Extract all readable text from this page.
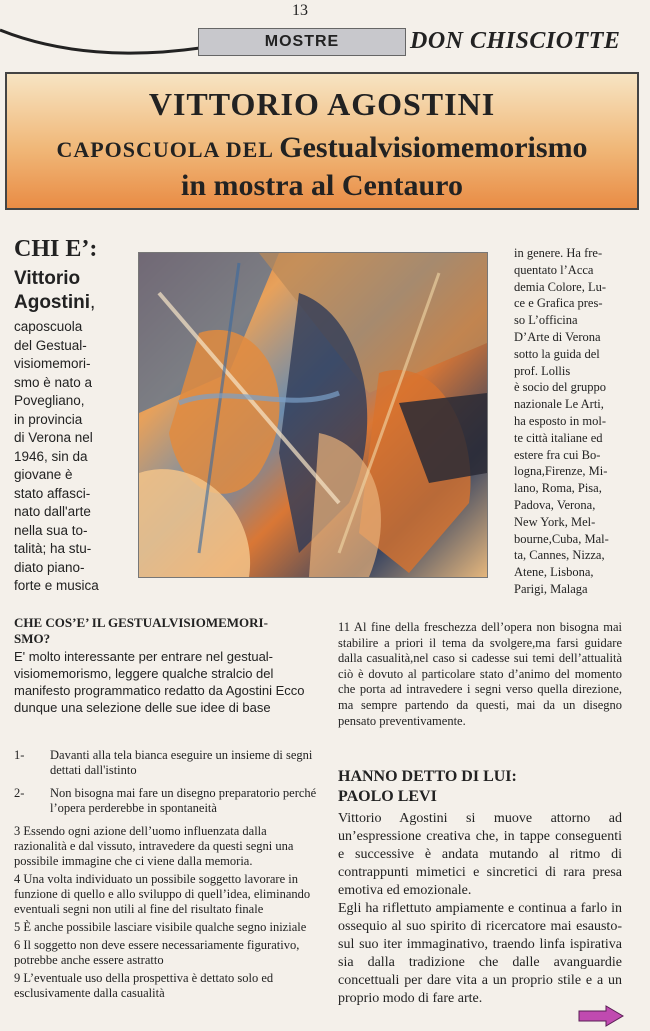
13
MOSTRE	DON CHISCIOTTE
VITTORIO AGOSTINI
CAPOSCUOLA DEL Gestualvisiomemorismo
in mostra al Centauro
CHI E’:
Vittorio
Agostini,
caposcuola
del Gestual-
visiomemori-
smo è nato a
Povegliano,
in provincia
di Verona nel
1946, sin da
giovane è
stato affasci-
nato dall'arte
nella sua to-
talità; ha stu-
diato piano-
forte e musica
in genere. Ha fre-
quentato l’Acca
demia Colore, Lu-
ce e Grafica pres-
so L’officina
D’Arte di Verona
sotto la guida del
prof. Lollis
è socio del gruppo
nazionale Le Arti,
ha esposto in mol-
te città italiane ed
estere fra cui Bo-
logna,Firenze, Mi-
lano, Roma, Pisa,
Padova, Verona,
New York, Mel-
bourne,Cuba, Mal-
ta, Cannes, Nizza,
Atene, Lisbona,
Parigi, Malaga
CHE COS’E’ IL GESTUALVISIOMEMORI-
SMO?
E' molto interessante per entrare nel gestual-visiomemorismo, leggere qualche stralcio del manifesto programmatico redatto da Agostini Ecco dunque una selezione delle sue idee di base
1- Davanti alla tela bianca eseguire un insieme di segni dettati dall'istinto
2- Non bisogna mai fare un disegno preparatorio perché l’opera perderebbe in spontaneità
3 Essendo ogni azione dell’uomo influenzata dalla razionalità e dal vissuto, intravedere da questi segni una possibile immagine che ci viene dalla memoria.
4 Una volta individuato un possibile soggetto lavorare in funzione di quello e allo sviluppo di quell’idea, eliminando eventuali segni non utili al fine del risultato finale
5 È anche possibile lasciare visibile qualche segno iniziale
6 Il soggetto non deve essere necessariamente figurativo, potrebbe anche essere astratto
9 L’eventuale uso della prospettiva è dettato solo ed esclusivamente dalla casualità
11 Al fine della freschezza dell’opera non bisogna mai stabilire a priori il tema da svolgere,ma farsi guidare dalla casualità,nel caso si cadesse sui temi dell’attualità ciò è dovuto al particolare stato d’animo del momento che porta ad intravedere i segni verso quella direzione, ma sempre partendo da questi, mai da un disegno pensato preventivamente.
HANNO DETTO DI LUI:
PAOLO LEVI

Vittorio Agostini si muove attorno ad un’espressione creativa che, in tappe conseguenti e successive è andata mutando al ritmo di contrappunti mimetici e sincretici di rara presa emotiva ed emozionale.

Egli ha riflettuto ampiamente e continua a farlo in ossequio al suo spirito di ricercatore mai esausto- sul suo iter immaginativo, traendo linfa ispirativa sia dalla tradizione che dalle avanguardie concettuali per dare vita a un proprio stile e a un proprio modo di fare arte.
